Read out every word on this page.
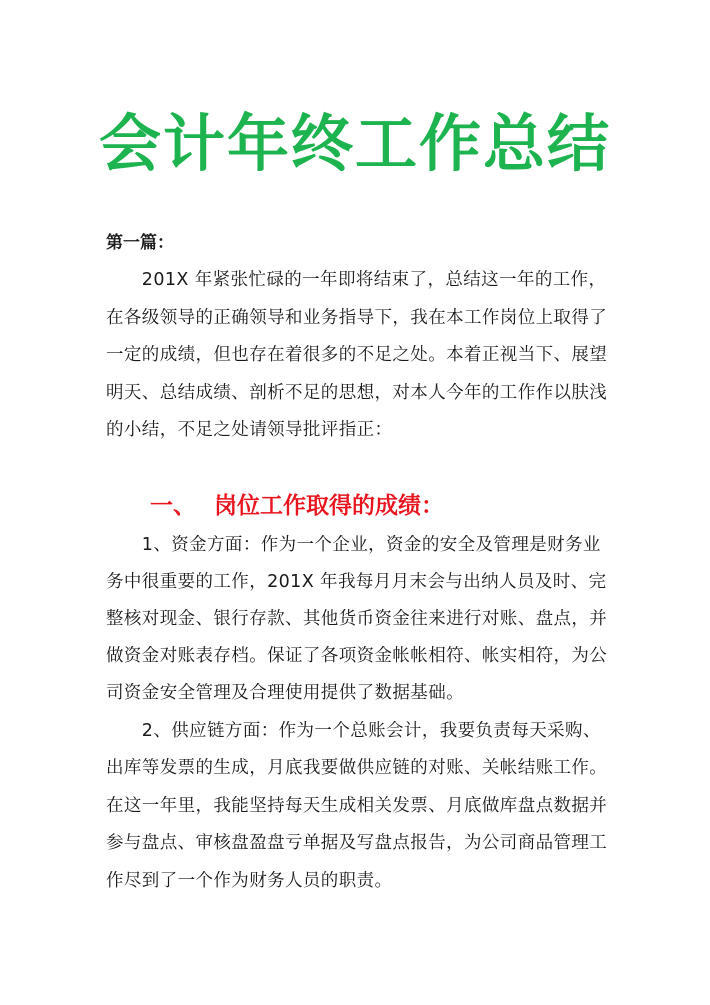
会计年终工作总结
第一篇：
　　201X 年紧张忙碌的一年即将结束了，总结这一年的工作，
在各级领导的正确领导和业务指导下，我在本工作岗位上取得了
一定的成绩，但也存在着很多的不足之处。本着正视当下、展望
明天、总结成绩、剖析不足的思想，对本人今年的工作作以肤浅
的小结，不足之处请领导批评指正：
一、 岗位工作取得的成绩：
　　1、资金方面：作为一个企业，资金的安全及管理是财务业
务中很重要的工作，201X 年我每月月末会与出纳人员及时、完
整核对现金、银行存款、其他货币资金往来进行对账、盘点，并
做资金对账表存档。保证了各项资金帐帐相符、帐实相符，为公
司资金安全管理及合理使用提供了数据基础。
　　2、供应链方面：作为一个总账会计，我要负责每天采购、
出库等发票的生成，月底我要做供应链的对账、关帐结账工作。
在这一年里，我能坚持每天生成相关发票、月底做库盘点数据并
参与盘点、审核盘盈盘亏单据及写盘点报告，为公司商品管理工
作尽到了一个作为财务人员的职责。
